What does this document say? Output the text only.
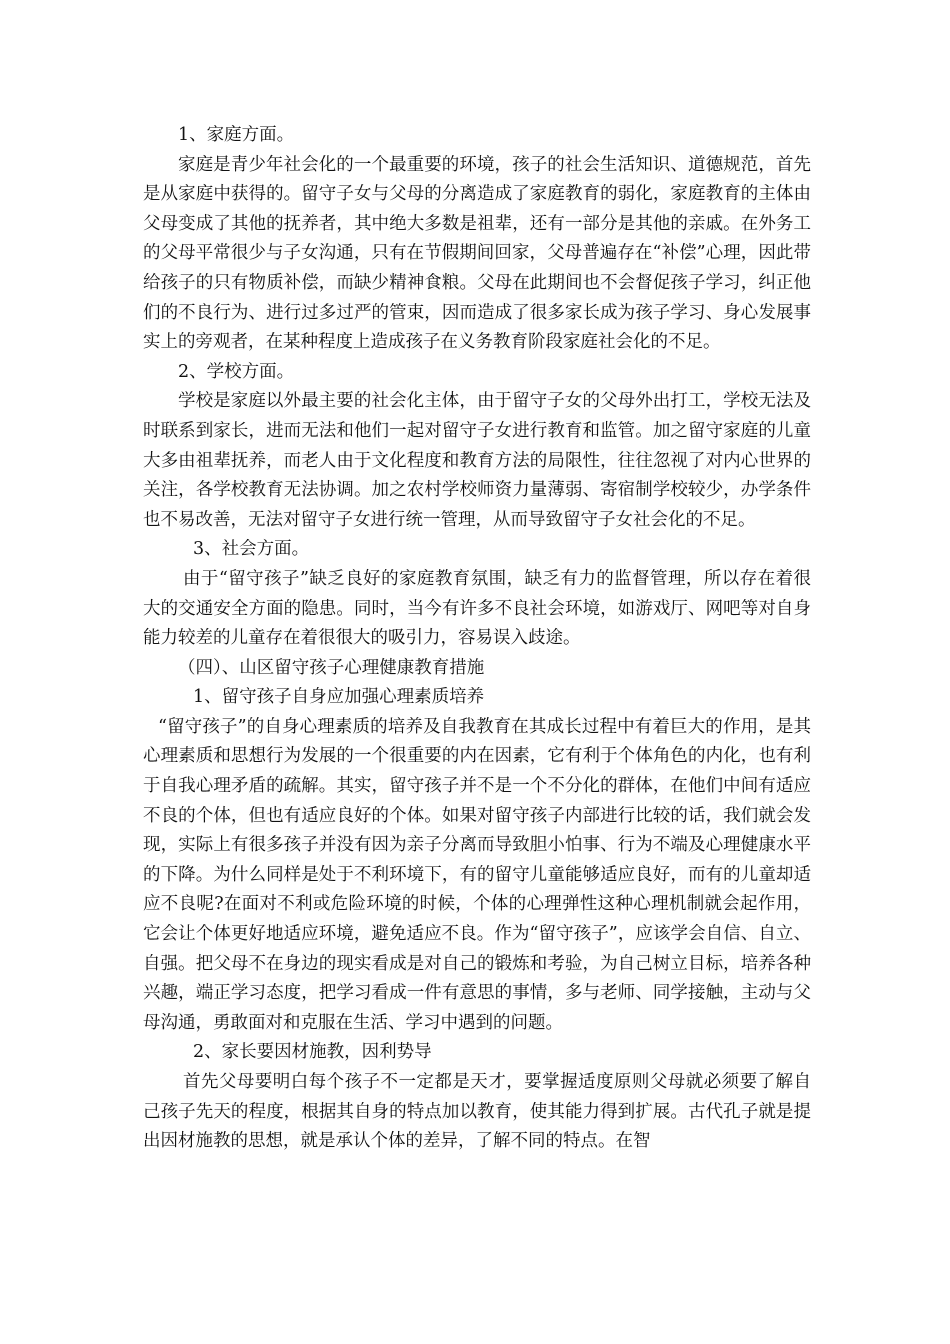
1、家庭方面。

家庭是青少年社会化的一个最重要的环境，孩子的社会生活知识、道德规范，首先是从家庭中获得的。留守子女与父母的分离造成了家庭教育的弱化，家庭教育的主体由父母变成了其他的抚养者，其中绝大多数是祖辈，还有一部分是其他的亲戚。在外务工的父母平常很少与子女沟通，只有在节假期间回家，父母普遍存在“补偿”心理，因此带给孩子的只有物质补偿，而缺少精神食粮。父母在此期间也不会督促孩子学习，纠正他们的不良行为、进行过多过严的管束，因而造成了很多家长成为孩子学习、身心发展事实上的旁观者，在某种程度上造成孩子在义务教育阶段家庭社会化的不足。

2、学校方面。

学校是家庭以外最主要的社会化主体，由于留守子女的父母外出打工，学校无法及时联系到家长，进而无法和他们一起对留守子女进行教育和监管。加之留守家庭的儿童大多由祖辈抚养，而老人由于文化程度和教育方法的局限性，往往忽视了对内心世界的关注，各学校教育无法协调。加之农村学校师资力量薄弱、寄宿制学校较少，办学条件也不易改善，无法对留守子女进行统一管理，从而导致留守子女社会化的不足。

3、社会方面。

由于“留守孩子”缺乏良好的家庭教育氛围，缺乏有力的监督管理，所以存在着很大的交通安全方面的隐患。同时，当今有许多不良社会环境，如游戏厅、网吧等对自身能力较差的儿童存在着很很大的吸引力，容易误入歧途。

（四）、山区留守孩子心理健康教育措施

1、留守孩子自身应加强心理素质培养

“留守孩子”的自身心理素质的培养及自我教育在其成长过程中有着巨大的作用，是其心理素质和思想行为发展的一个很重要的内在因素，它有利于个体角色的内化，也有利于自我心理矛盾的疏解。其实，留守孩子并不是一个不分化的群体，在他们中间有适应不良的个体，但也有适应良好的个体。如果对留守孩子内部进行比较的话，我们就会发现，实际上有很多孩子并没有因为亲子分离而导致胆小怕事、行为不端及心理健康水平的下降。为什么同样是处于不利环境下，有的留守儿童能够适应良好，而有的儿童却适应不良呢?在面对不利或危险环境的时候，个体的心理弹性这种心理机制就会起作用，它会让个体更好地适应环境，避免适应不良。作为“留守孩子”，应该学会自信、自立、自强。把父母不在身边的现实看成是对自己的锻炼和考验，为自己树立目标，培养各种兴趣，端正学习态度，把学习看成一件有意思的事情，多与老师、同学接触，主动与父母沟通，勇敢面对和克服在生活、学习中遇到的问题。

2、家长要因材施教，因利势导

首先父母要明白每个孩子不一定都是天才，要掌握适度原则父母就必须要了解自己孩子先天的程度，根据其自身的特点加以教育，使其能力得到扩展。古代孔子就是提出因材施教的思想，就是承认个体的差异，了解不同的特点。在智
